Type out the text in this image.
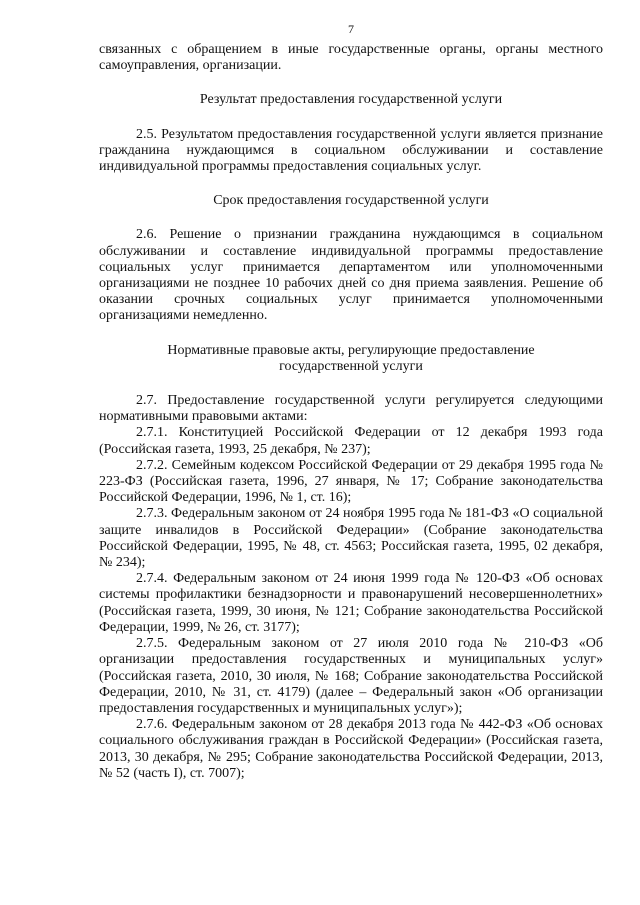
7

связанных с обращением в иные государственные органы, органы местного самоуправления, организации.

Результат предоставления государственной услуги

2.5. Результатом предоставления государственной услуги является признание гражданина нуждающимся в социальном обслуживании и составление индивидуальной программы предоставления социальных услуг.

Срок предоставления государственной услуги

2.6. Решение о признании гражданина нуждающимся в социальном обслуживании и составление индивидуальной программы предоставление социальных услуг принимается департаментом или уполномоченными организациями не позднее 10 рабочих дней со дня приема заявления. Решение об оказании срочных социальных услуг принимается уполномоченными организациями немедленно.

Нормативные правовые акты, регулирующие предоставление государственной услуги

2.7. Предоставление государственной услуги регулируется следующими нормативными правовыми актами:

2.7.1. Конституцией Российской Федерации от 12 декабря 1993 года (Российская газета, 1993, 25 декабря, № 237);

2.7.2. Семейным кодексом Российской Федерации от 29 декабря 1995 года № 223-ФЗ (Российская газета, 1996, 27 января, № 17; Собрание законодательства Российской Федерации, 1996, № 1, ст. 16);

2.7.3. Федеральным законом от 24 ноября 1995 года № 181-ФЗ «О социальной защите инвалидов в Российской Федерации» (Собрание законодательства Российской Федерации, 1995, № 48, ст. 4563; Российская газета, 1995, 02 декабря, № 234);

2.7.4. Федеральным законом от 24 июня 1999 года № 120-ФЗ «Об основах системы профилактики безнадзорности и правонарушений несовершеннолетних» (Российская газета, 1999, 30 июня, № 121; Собрание законодательства Российской Федерации, 1999, № 26, ст. 3177);

2.7.5. Федеральным законом от 27 июля 2010 года № 210-ФЗ «Об организации предоставления государственных и муниципальных услуг» (Российская газета, 2010, 30 июля, № 168; Собрание законодательства Российской Федерации, 2010, № 31, ст. 4179) (далее – Федеральный закон «Об организации предоставления государственных и муниципальных услуг»);

2.7.6. Федеральным законом от 28 декабря 2013 года № 442-ФЗ «Об основах социального обслуживания граждан в Российской Федерации» (Российская газета, 2013, 30 декабря, № 295; Собрание законодательства Российской Федерации, 2013, № 52 (часть I), ст. 7007);
